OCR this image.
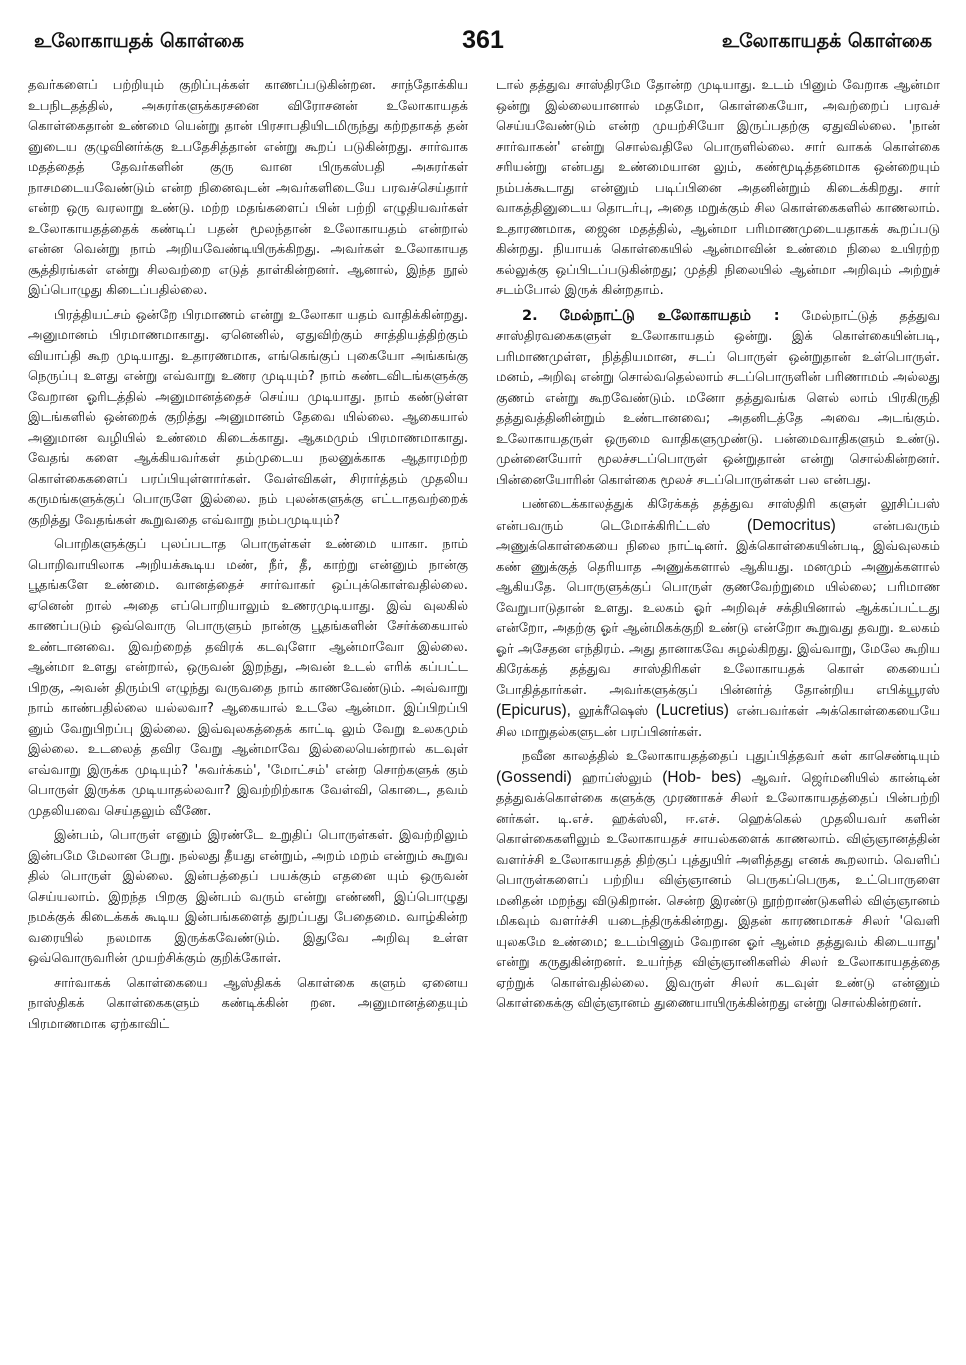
உலோகாயதக் கொள்கை	361	உலோகாயதக் கொள்கை

தவர்களைப் பற்றியும் குறிப்புக்கள் காணப்படுகின்றன. சாந்தோக்கிய உபநிடதத்தில், அசுரர்களுக்கரசனை விரோசனன் உலோகாயதக் கொள்கைதான் உண்மை யென்று தான் பிரசாபதியிடமிருந்து கற்றதாகத் தன் னுடைய குழுவினர்க்கு உபதேசித்தான் என்று கூறப் படுகின்றது. சார்வாக மதத்தைத் தேவர்களின் குரு வான பிருகஸ்பதி அசுரர்கள் நாசமடையவேண்டும் என்ற நினைவுடன் அவர்களிடையே பரவச்செய்தார் என்ற ஒரு வரலாறு உண்டு. மற்ற மதங்களைப் பின் பற்றி எழுதியவர்கள் உலோகாயதத்தைக் கண்டிப் பதன் மூலந்தான் உலோகாயதம் என்றால் என்ன வென்று நாம் அறியவேண்டியிருக்கிறது. அவர்கள் உலோகாயத சூத்திரங்கள் என்று சிலவற்றை எடுத் தாள்கின்றனர். ஆனால், இந்த நூல் இப்பொழுது கிடைப்பதில்லை.

பிரத்தியட்சம் ஒன்றே பிரமாணம் என்று உலோகா யதம் வாதிக்கின்றது. அனுமானம் பிரமாணமாகாது. ஏனெனில், ஏதுவிற்கும் சாத்தியத்திற்கும் வியாப்தி கூற முடியாது. உதாரணமாக, எங்கெங்குப் புகையோ அங்கங்கு நெருப்பு உளது என்று எவ்வாறு உணர முடியும்? நாம் கண்டவிடங்களுக்கு வேறான ஓரிடத்தில் அனுமானத்தைச் செய்ய முடியாது. நாம் கண்டுள்ள இடங்களில் ஒன்றைக் குறித்து அனுமானம் தேவை யில்லை. ஆகையால் அனுமான வழியில் உண்மை கிடைக்காது. ஆகமமும் பிரமாணமாகாது. வேதங் களை ஆக்கியவர்கள் தம்முடைய நலனுக்காக ஆதாரமற்ற கொள்கைகளைப் பரப்பியுள்ளார்கள். வேள்விகள், சிரார்த்தம் முதலிய கருமங்களுக்குப் பொருளே இல்லை. நம் புலன்களுக்கு எட்டாதவற்றைக் குறித்து வேதங்கள் கூறுவதை எவ்வாறு நம்பமுடியும்?

பொறிகளுக்குப் புலப்படாத பொருள்கள் உண்மை யாகா. நாம் பொறிவாயிலாக அறியக்கூடிய மண், நீர், தீ, காற்று என்னும் நான்கு பூதங்களே உண்மை. வானத்தைச் சார்வாகர் ஒப்புக்கொள்வதில்லை. ஏனென் றால் அதை எப்பொறியாலும் உணரமுடியாது. இவ் வுலகில் காணப்படும் ஒவ்வொரு பொருளும் நான்கு பூதங்களின் சேர்க்கையால் உண்டானவை. இவற்றைத் தவிரக் கடவுளோ ஆன்மாவோ இல்லை. ஆன்மா உளது என்றால், ஒருவன் இறந்து, அவன் உடல் எரிக் கப்பட்ட பிறகு, அவன் திரும்பி எழுந்து வருவதை நாம் காணவேண்டும். அவ்வாறு நாம் காண்பதில்லை யல்லவா? ஆகையால் உடலே ஆன்மா. இப்பிறப்பி னும் வேறுபிறப்பு இல்லை. இவ்வுலகத்தைக் காட்டி லும் வேறு உலகமும் இல்லை. உடலைத் தவிர வேறு ஆன்மாவே இல்லையென்றால் கடவுள் எவ்வாறு இருக்க முடியும்? 'சுவர்க்கம்', 'மோட்சம்' என்ற சொற்களுக் கும் பொருள் இருக்க முடியாதல்லவா? இவற்றிற்காக வேள்வி, கொடை, தவம் முதலியவை செய்தலும் வீணே.

இன்பம், பொருள் எனும் இரண்டே உறுதிப் பொருள்கள். இவற்றிலும் இன்பமே மேலான பேறு. நல்லது தீயது என்றும், அறம் மறம் என்றும் கூறுவ தில் பொருள் இல்லை. இன்பத்தைப் பயக்கும் எதனை யும் ஒருவன் செய்யலாம். இறந்த பிறகு இன்பம் வரும் என்று எண்ணி, இப்பொழுது நமக்குக் கிடைக்கக் கூடிய இன்பங்களைத் துறப்பது பேதைமை. வாழ்கின்ற வரையில் நலமாக இருக்கவேண்டும். இதுவே அறிவு உள்ள ஒவ்வொருவரின் முயற்சிக்கும் குறிக்கோள்.

சார்வாகக் கொள்கையை ஆஸ்திகக் கொள்கை களும் ஏனைய நாஸ்திகக் கொள்கைகளும் கண்டிக்கின் றன. அனுமானத்தையும் பிரமாணமாக ஏற்காவிட்

டால் தத்துவ சாஸ்திரமே தோன்ற முடியாது. உடம் பினும் வேறாக ஆன்மா ஒன்று இல்லையானால் மதமோ, கொள்கையோ, அவற்றைப் பரவச் செய்யவேண்டும் என்ற முயற்சியோ இருப்பதற்கு ஏதுவில்லை. 'நான் சார்வாகன்' என்று சொல்வதிலே பொருளில்லை. சார் வாகக் கொள்கை சரியன்று என்பது உண்மையான லும், கண்மூடித்தனமாக ஒன்றையும் நம்பக்கூடாது என்னும் படிப்பினை அதனின்றும் கிடைக்கிறது. சார் வாகத்தினுடைய தொடர்பு, அதை மறுக்கும் சில கொள்கைகளில் காணலாம். உதாரணமாக, ஜைன மதத்தில், ஆன்மா பரிமாணமுடையதாகக் கூறப்படு கின்றது. நியாயக் கொள்கையில் ஆன்மாவின் உண்மை நிலை உயிரற்ற கல்லுக்கு ஒப்பிடப்படுகின்றது; முத்தி நிலையில் ஆன்மா அறிவும் அற்றுச் சடம்போல் இருக் கின்றதாம்.

2. மேல்நாட்டு உலோகாயதம் : மேல்நாட்டுத் தத்துவ சாஸ்திரவகைகளுள் உலோகாயதம் ஒன்று. இக் கொள்கையின்படி, பரிமாணமுள்ள, நித்தியமான, சடப் பொருள் ஒன்றுதான் உள்பொருள். மனம், அறிவு என்று சொல்வதெல்லாம் சடப்பொருளின் பரிணாமம் அல்லது குணம் என்று கூறவேண்டும். மனோ தத்துவங்க ளெல் லாம் பிரகிருதி தத்துவத்தினின்றும் உண்டானவை; அதனிடத்தே அவை அடங்கும். உலோகாயதருள் ஒருமை வாதிகளுமுண்டு. பன்மைவாதிகளும் உண்டு. முன்னையோர் மூலச்சடப்பொருள் ஒன்றுதான் என்று சொல்கின்றனர். பின்னையோரின் கொள்கை மூலச் சடப்பொருள்கள் பல என்பது.

பண்டைக்காலத்துக் கிரேக்கத் தத்துவ சாஸ்திரி களுள் லூசிப்பஸ் என்பவரும் டெமோக்கிரிட்டஸ் (Democritus)	என்பவரும் அணுக்கொள்கையை நிலை நாட்டினர். இக்கொள்கையின்படி, இவ்வுலகம் கண் ணுக்குத் தெரியாத அணுக்களால் ஆகியது. மனமும் அணுக்களால் ஆகியதே. பொருளுக்குப் பொருள் குணவேற்றுமை யில்லை; பரிமாண வேறுபாடுதான் உளது. உலகம் ஓர் அறிவுச் சக்தியினால் ஆக்கப்பட்டது என்றோ, அதற்கு ஓர் ஆன்மிகக்குறி உண்டு என்றோ கூறுவது தவறு. உலகம் ஓர் அசேதன எந்திரம். அது தானாகவே சுழல்கிறது. இவ்வாறு, மேலே கூறிய கிரேக்கத் தத்துவ சாஸ்திரிகள் உலோகாயதக் கொள் கையைப் போதித்தார்கள். அவர்களுக்குப் பின்னர்த் தோன்றிய எபிக்யூரஸ் (Epicurus), லூக்ரீஷெஸ் (Lucretius) என்பவர்கள் அக்கொள்கையையே சில மாறுதல்களுடன் பரப்பினர்கள்.

நவீன காலத்தில் உலோகாயதத்தைப் புதுப்பித்தவர் கள் காசெண்டியும் (Gossendi) ஹாப்ஸ்லும் (Hob- bes) ஆவர். ஜெர்மனியில் கான்டின் தத்துவக்கொள்கை களுக்கு முரணாகச் சிலர் உலோகாயதத்தைப் பின்பற்றி னர்கள். டி.எச். ஹக்ஸ்லி, ஈ.எச். ஹெக்கெல் முதலியவர் களின் கொள்கைகளிலும் உலோகாயதச் சாயல்களைக் காணலாம். விஞ்ஞானத்தின் வளர்ச்சி உலோகாயதத் திற்குப் புத்துயிர் அளித்தது எனக் கூறலாம். வெளிப் பொருள்களைப் பற்றிய விஞ்ஞானம் பெருகப்பெருக, உட்பொருளை மனிதன் மறந்து விடுகிறான். சென்ற இரண்டு நூற்றாண்டுகளில் விஞ்ஞானம் மிகவும் வளர்ச்சி யடைந்திருக்கின்றது. இதன் காரணமாகச் சிலர் 'வெளி யுலகமே உண்மை; உடம்பினும் வேறான ஓர் ஆன்ம தத்துவம் கிடையாது' என்று கருதுகின்றனர். உயர்ந்த விஞ்ஞானிகளில் சிலர் உலோகாயதத்தை ஏற்றுக் கொள்வதில்லை. இவருள் சிலர் கடவுள் உண்டு என்னும் கொள்கைக்கு விஞ்ஞானம் துணையாயிருக்கின்றது என்று சொல்கின்றனர்.
